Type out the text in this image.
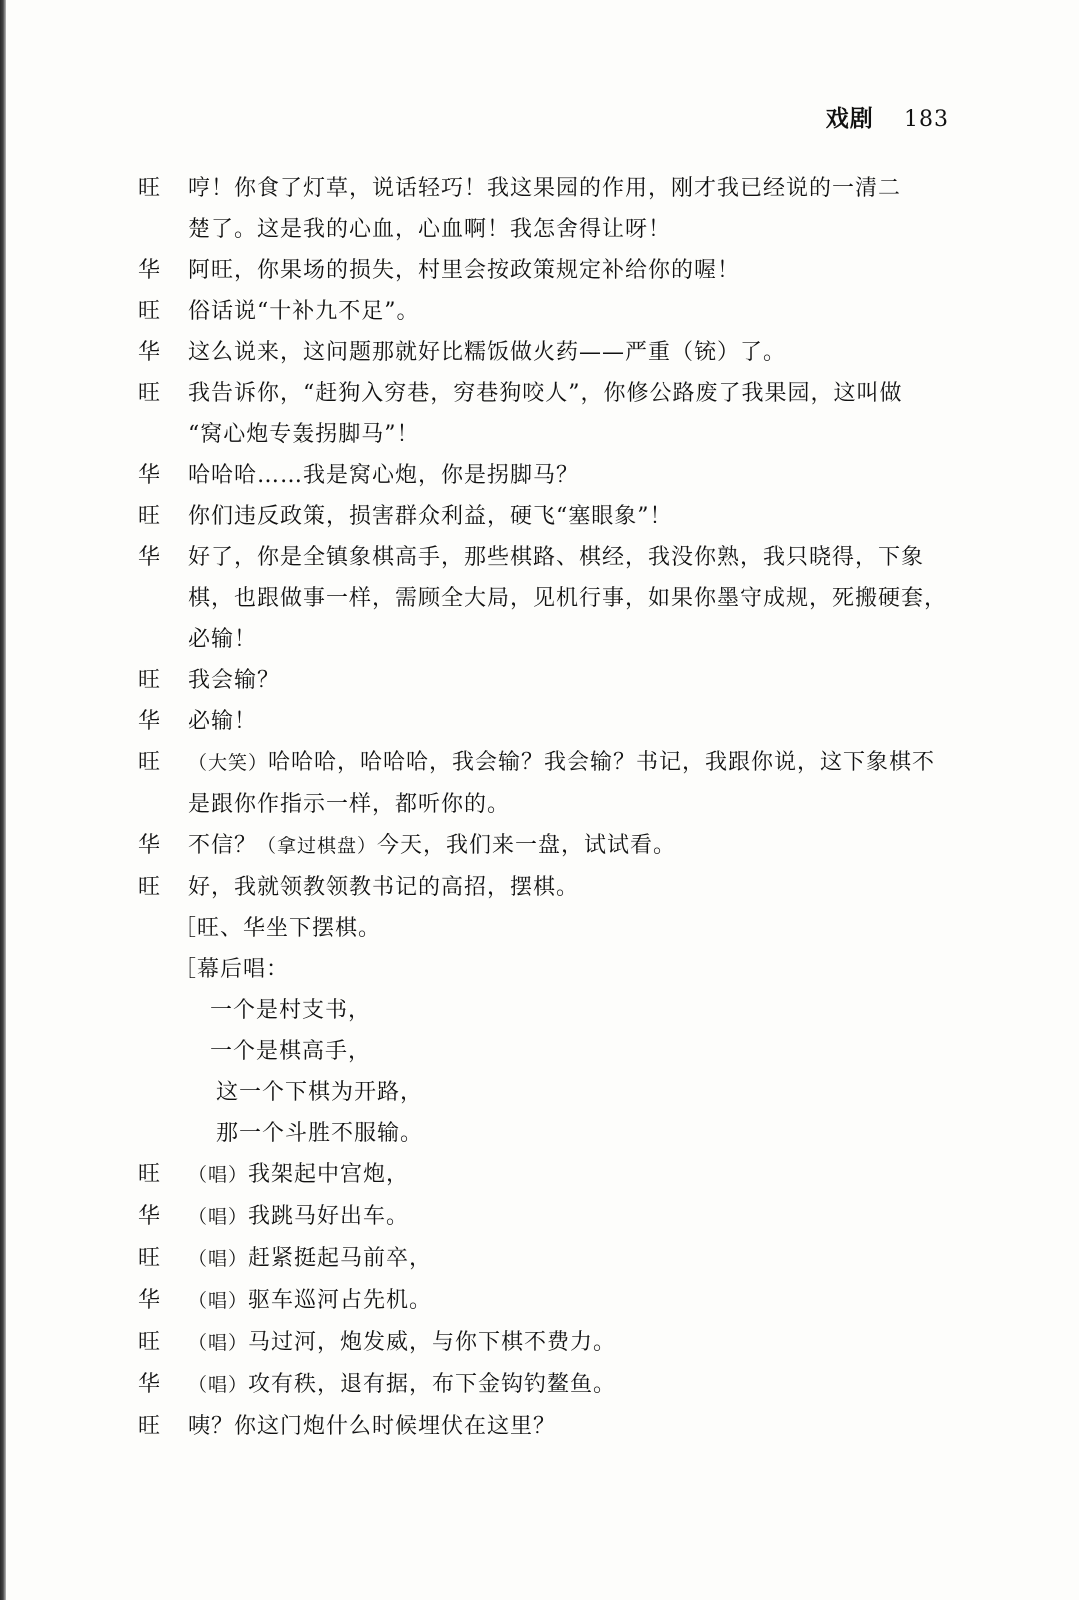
戏剧 183
旺	哼！你食了灯草，说话轻巧！我这果园的作用，刚才我已经说的一清二
楚了。这是我的心血，心血啊！我怎舍得让呀！
华	阿旺，你果场的损失，村里会按政策规定补给你的喔！
旺	俗话说“十补九不足”。
华	这么说来，这问题那就好比糯饭做火药——严重（铳）了。
旺	我告诉你，“赶狗入穷巷，穷巷狗咬人”，你修公路废了我果园，这叫做
“窝心炮专轰拐脚马”！
华	哈哈哈……我是窝心炮，你是拐脚马？
旺	你们违反政策，损害群众利益，硬飞“塞眼象”！
华	好了，你是全镇象棋高手，那些棋路、棋经，我没你熟，我只晓得，下象
棋，也跟做事一样，需顾全大局，见机行事，如果你墨守成规，死搬硬套，
必输！
旺	我会输？
华	必输！
旺	（大笑）哈哈哈，哈哈哈，我会输？我会输？书记，我跟你说，这下象棋不
是跟你作指示一样，都听你的。
华	不信？（拿过棋盘）今天，我们来一盘，试试看。
旺	好，我就领教领教书记的高招，摆棋。
［旺、华坐下摆棋。
［幕后唱：
一个是村支书，
一个是棋高手，
这一个下棋为开路，
那一个斗胜不服输。
旺	（唱）我架起中宫炮，
华	（唱）我跳马好出车。
旺	（唱）赶紧挺起马前卒，
华	（唱）驱车巡河占先机。
旺	（唱）马过河，炮发威，与你下棋不费力。
华	（唱）攻有秩，退有据，布下金钩钓鳌鱼。
旺	咦？你这门炮什么时候埋伏在这里？
